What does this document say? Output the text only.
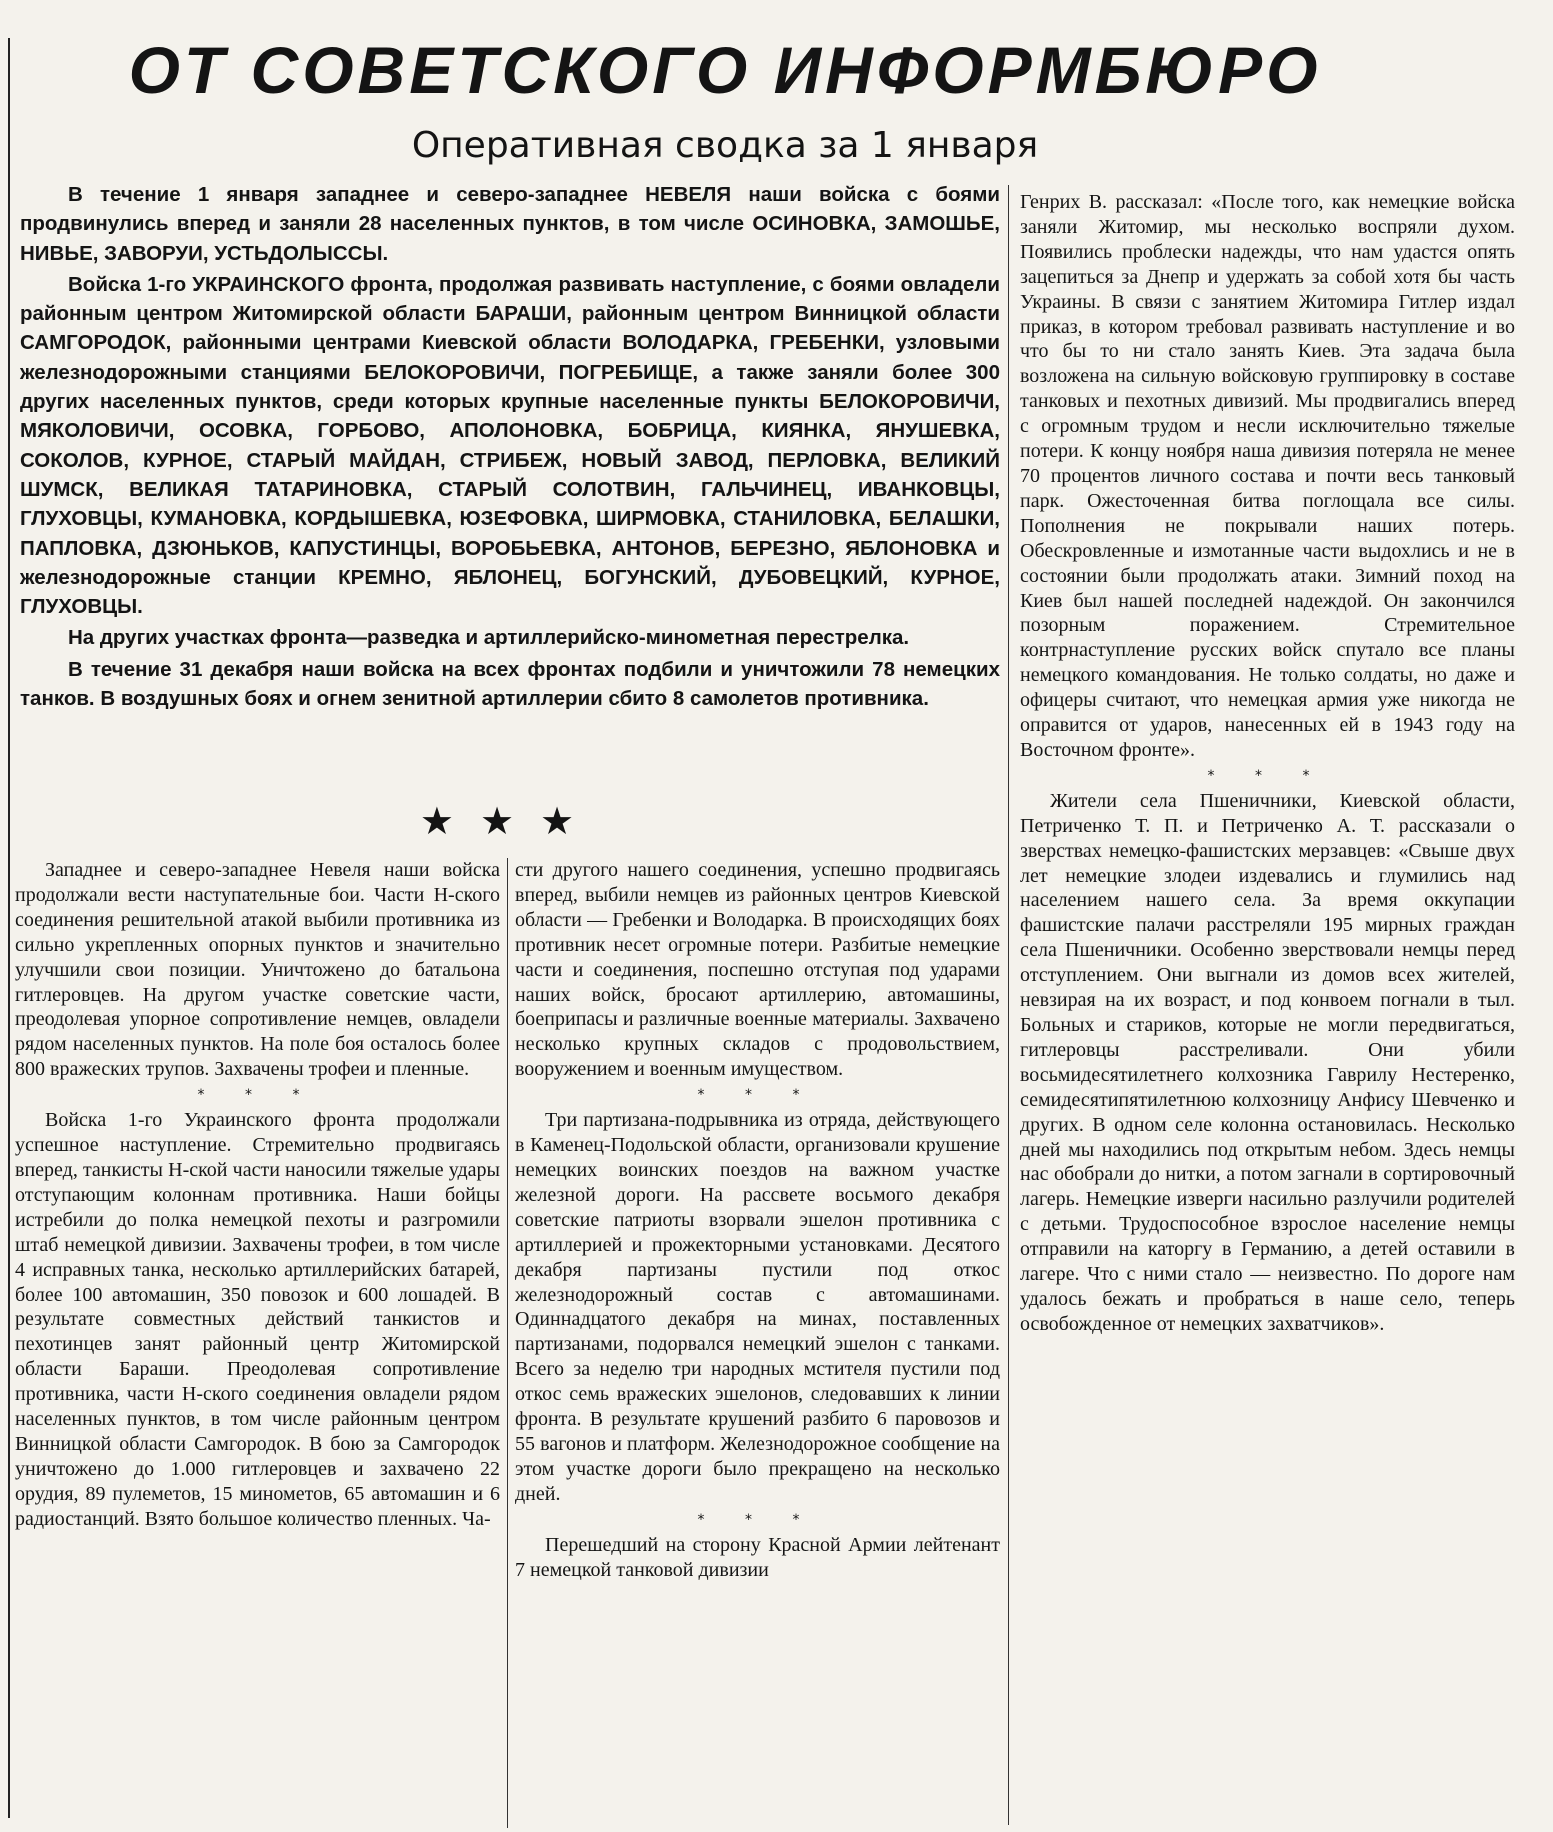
ОТ СОВЕТСКОГО ИНФОРМБЮРО
Оперативная сводка за 1 января

В течение 1 января западнее и северо-западнее НЕВЕЛЯ наши войска с боями продвинулись вперед и заняли 28 населенных пунктов, в том числе ОСИНОВКА, ЗАМОШЬЕ, НИВЬЕ, ЗАВОРУИ, УСТЬДОЛЫССЫ.

Войска 1-го УКРАИНСКОГО фронта, продолжая развивать наступление, с боями овладели районным центром Житомирской области БАРАШИ, районным центром Винницкой области САМГОРОДОК, районными центрами Киевской области ВОЛОДАРКА, ГРЕБЕНКИ, узловыми железнодорожными станциями БЕЛОКОРОВИЧИ, ПОГРЕБИЩЕ, а также заняли более 300 других населенных пунктов, среди которых крупные населенные пункты БЕЛОКОРОВИЧИ, МЯКОЛОВИЧИ, ОСОВКА, ГОРБОВО, АПОЛОНОВКА, БОБРИЦА, КИЯНКА, ЯНУШЕВКА, СОКОЛОВ, КУРНОЕ, СТАРЫЙ МАЙДАН, СТРИБЕЖ, НОВЫЙ ЗАВОД, ПЕРЛОВКА, ВЕЛИКИЙ ШУМСК, ВЕЛИКАЯ ТАТАРИНОВКА, СТАРЫЙ СОЛОТВИН, ГАЛЬЧИНЕЦ, ИВАНКОВЦЫ, ГЛУХОВЦЫ, КУМАНОВКА, КОРДЫШЕВКА, ЮЗЕФОВКА, ШИРМОВКА, СТАНИЛОВКА, БЕЛАШКИ, ПАПЛОВКА, ДЗЮНЬКОВ, КАПУСТИНЦЫ, ВОРОБЬЕВКА, АНТОНОВ, БЕРЕЗНО, ЯБЛОНОВКА и железнодорожные станции КРЕМНО, ЯБЛОНЕЦ, БОГУНСКИЙ, ДУБОВЕЦКИЙ, КУРНОЕ, ГЛУХОВЦЫ.

На других участках фронта—разведка и артиллерийско-минометная перестрелка.

В течение 31 декабря наши войска на всех фронтах подбили и уничтожили 78 немецких танков. В воздушных боях и огнем зенитной артиллерии сбито 8 самолетов противника.

★★★

Генрих В. рассказал: «После того, как немецкие войска заняли Житомир, мы несколько воспряли духом. Появились проблески надежды, что нам удастся опять зацепиться за Днепр и удержать за собой хотя бы часть Украины. В связи с занятием Житомира Гитлер издал приказ, в котором требовал развивать наступление и во что бы то ни стало занять Киев. Эта задача была возложена на сильную войсковую группировку в составе танковых и пехотных дивизий. Мы продвигались вперед с огромным трудом и несли исключительно тяжелые потери. К концу ноября наша дивизия потеряла не менее 70 процентов личного состава и почти весь танковый парк. Ожесточенная битва поглощала все силы. Пополнения не покрывали наших потерь. Обескровленные и измотанные части выдохлись и не в состоянии были продолжать атаки. Зимний поход на Киев был нашей последней надеждой. Он закончился позорным поражением. Стремительное контрнаступление русских войск спутало все планы немецкого командования. Не только солдаты, но даже и офицеры считают, что немецкая армия уже никогда не оправится от ударов, нанесенных ей в 1943 году на Восточном фронте».

* * *

Жители села Пшеничники, Киевской области, Петриченко Т. П. и Петриченко А. Т. рассказали о зверствах немецко-фашистских мерзавцев: «Свыше двух лет немецкие злодеи издевались и глумились над населением нашего села. За время оккупации фашистские палачи расстреляли 195 мирных граждан села Пшеничники. Особенно зверствовали немцы перед отступлением. Они выгнали из домов всех жителей, невзирая на их возраст, и под конвоем погнали в тыл. Больных и стариков, которые не могли передвигаться, гитлеровцы расстреливали. Они убили восьмидесятилетнего колхозника Гаврилу Нестеренко, семидесятипятилетнюю колхозницу Анфису Шевченко и других. В одном селе колонна остановилась. Несколько дней мы находились под открытым небом. Здесь немцы нас обобрали до нитки, а потом загнали в сортировочный лагерь. Немецкие изверги насильно разлучили родителей с детьми. Трудоспособное взрослое население немцы отправили на каторгу в Германию, а детей оставили в лагере. Что с ними стало — неизвестно. По дороге нам удалось бежать и пробраться в наше село, теперь освобожденное от немецких захватчиков».

Западнее и северо-западнее Невеля наши войска продолжали вести наступательные бои. Части Н-ского соединения решительной атакой выбили противника из сильно укрепленных опорных пунктов и значительно улучшили свои позиции. Уничтожено до батальона гитлеровцев. На другом участке советские части, преодолевая упорное сопротивление немцев, овладели рядом населенных пунктов. На поле боя осталось более 800 вражеских трупов. Захвачены трофеи и пленные.

* * *

Войска 1-го Украинского фронта продолжали успешное наступление. Стремительно продвигаясь вперед, танкисты Н-ской части наносили тяжелые удары отступающим колоннам противника. Наши бойцы истребили до полка немецкой пехоты и разгромили штаб немецкой дивизии. Захвачены трофеи, в том числе 4 исправных танка, несколько артиллерийских батарей, более 100 автомашин, 350 повозок и 600 лошадей. В результате совместных действий танкистов и пехотинцев занят районный центр Житомирской области Бараши. Преодолевая сопротивление противника, части Н-ского соединения овладели рядом населенных пунктов, в том числе районным центром Винницкой области Самгородок. В бою за Самгородок уничтожено до 1.000 гитлеровцев и захвачено 22 орудия, 89 пулеметов, 15 минометов, 65 автомашин и 6 радиостанций. Взято большое количество пленных. Ча-

сти другого нашего соединения, успешно продвигаясь вперед, выбили немцев из районных центров Киевской области — Гребенки и Володарка. В происходящих боях противник несет огромные потери. Разбитые немецкие части и соединения, поспешно отступая под ударами наших войск, бросают артиллерию, автомашины, боеприпасы и различные военные материалы. Захвачено несколько крупных складов с продовольствием, вооружением и военным имуществом.

* * *

Три партизана-подрывника из отряда, действующего в Каменец-Подольской области, организовали крушение немецких воинских поездов на важном участке железной дороги. На рассвете восьмого декабря советские патриоты взорвали эшелон противника с артиллерией и прожекторными установками. Десятого декабря партизаны пустили под откос железнодорожный состав с автомашинами. Одиннадцатого декабря на минах, поставленных партизанами, подорвался немецкий эшелон с танками. Всего за неделю три народных мстителя пустили под откос семь вражеских эшелонов, следовавших к линии фронта. В результате крушений разбито 6 паровозов и 55 вагонов и платформ. Железнодорожное сообщение на этом участке дороги было прекращено на несколько дней.

* * *

Перешедший на сторону Красной Армии лейтенант 7 немецкой танковой дивизии
